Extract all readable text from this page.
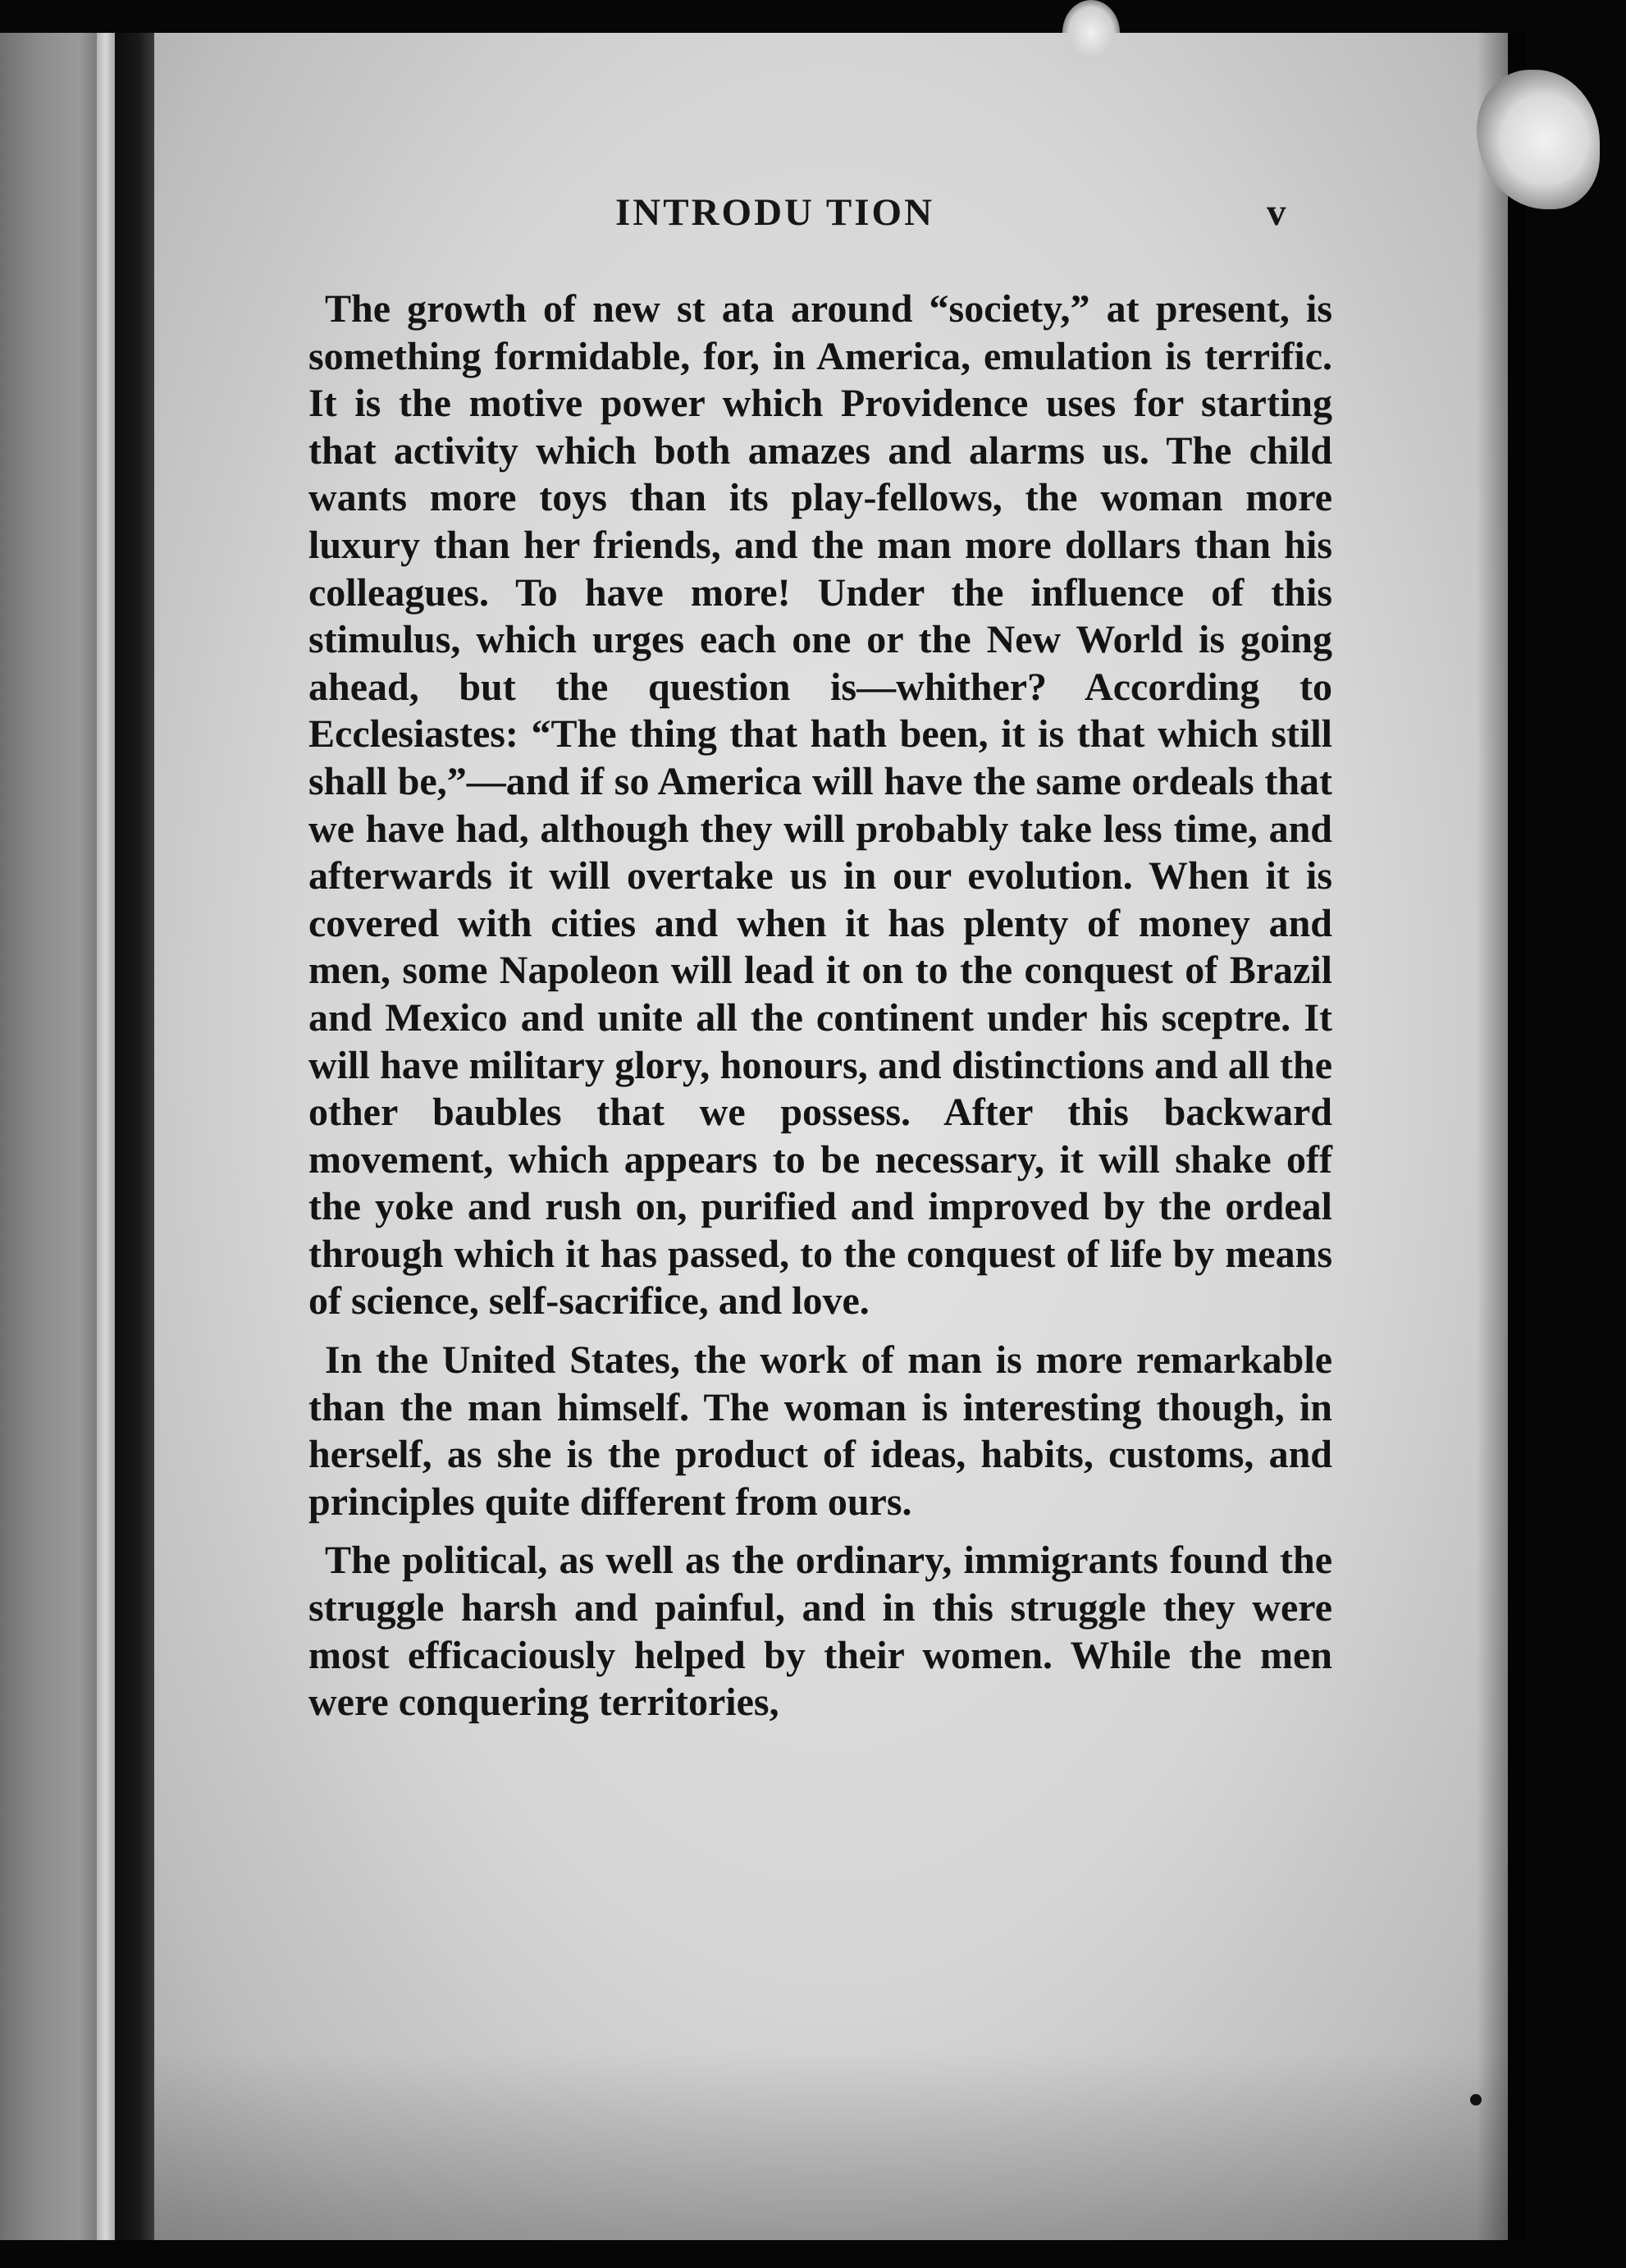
INTRODU TION	v

The growth of new st ata around “society,” at present, is something formidable, for, in America, emulation is terrific. It is the motive power which Providence uses for starting that activity which both amazes and alarms us. The child wants more toys than its play-fellows, the woman more luxury than her friends, and the man more dollars than his colleagues. To have more! Under the influence of this stimulus, which urges each one or the New World is going ahead, but the question is—whither? According to Ecclesiastes: “The thing that hath been, it is that which still shall be,”—and if so America will have the same ordeals that we have had, although they will probably take less time, and afterwards it will overtake us in our evolution. When it is covered with cities and when it has plenty of money and men, some Napoleon will lead it on to the conquest of Brazil and Mexico and unite all the continent under his sceptre. It will have military glory, honours, and distinctions and all the other baubles that we possess. After this backward movement, which appears to be necessary, it will shake off the yoke and rush on, purified and improved by the ordeal through which it has passed, to the conquest of life by means of science, self-sacrifice, and love.

In the United States, the work of man is more remarkable than the man himself. The woman is interesting though, in herself, as she is the product of ideas, habits, customs, and principles quite different from ours.

The political, as well as the ordinary, immigrants found the struggle harsh and painful, and in this struggle they were most efficaciously helped by their women. While the men were conquering territories,
